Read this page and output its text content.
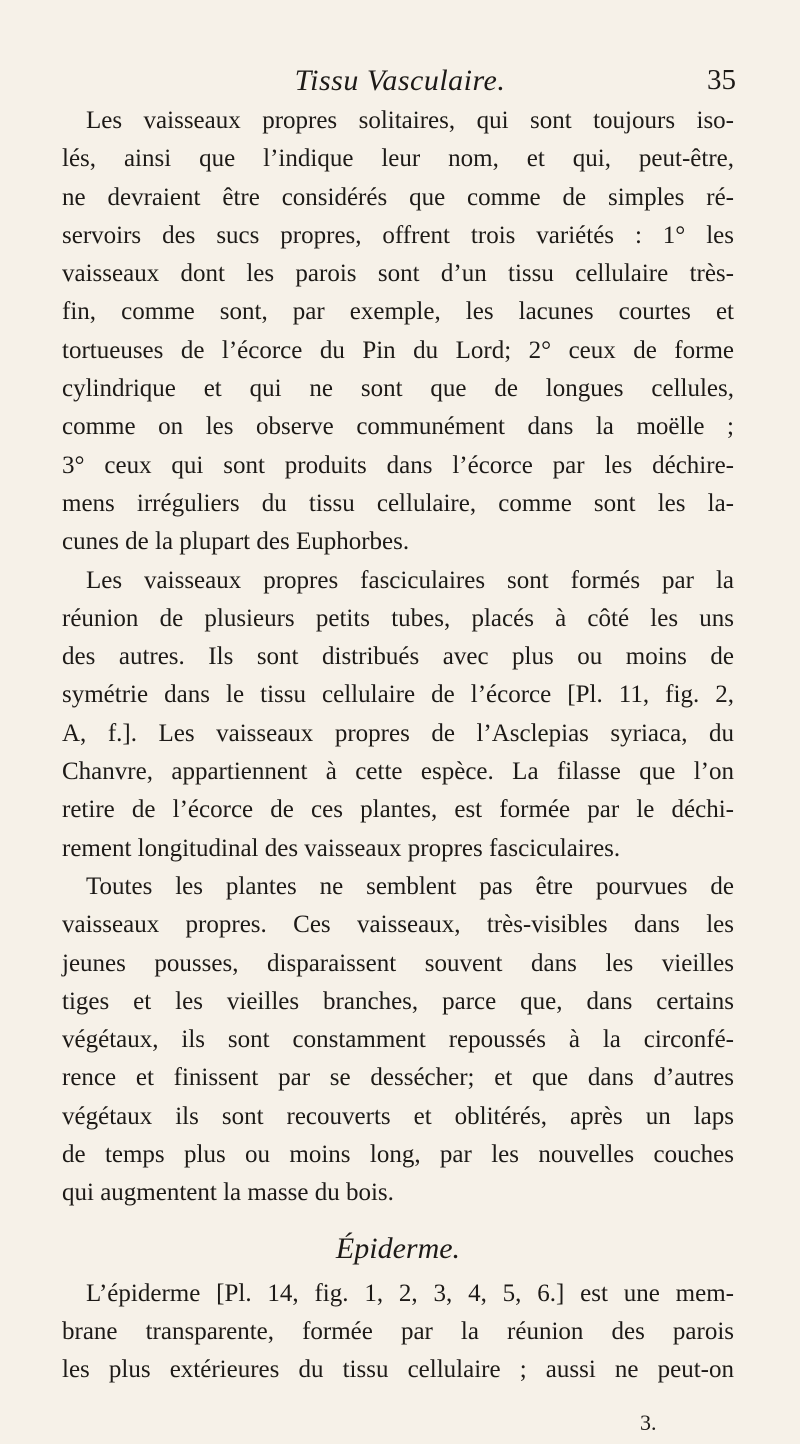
Tissu Vasculaire.	35
Les vaisseaux propres solitaires, qui sont toujours iso-
lés, ainsi que l’indique leur nom, et qui, peut-être,
ne devraient être considérés que comme de simples ré-
servoirs des sucs propres, offrent trois variétés : 1° les
vaisseaux dont les parois sont d’un tissu cellulaire très-
fin, comme sont, par exemple, les lacunes courtes et
tortueuses de l’écorce du Pin du Lord; 2° ceux de forme
cylindrique et qui ne sont que de longues cellules,
comme on les observe communément dans la moëlle ;
3° ceux qui sont produits dans l’écorce par les déchire-
mens irréguliers du tissu cellulaire, comme sont les la-
cunes de la plupart des Euphorbes.
Les vaisseaux propres fasciculaires sont formés par la
réunion de plusieurs petits tubes, placés à côté les uns
des autres. Ils sont distribués avec plus ou moins de
symétrie dans le tissu cellulaire de l’écorce [Pl. 11, fig. 2,
A, f.]. Les vaisseaux propres de l’Asclepias syriaca, du
Chanvre, appartiennent à cette espèce. La filasse que l’on
retire de l’écorce de ces plantes, est formée par le déchi-
rement longitudinal des vaisseaux propres fasciculaires.
Toutes les plantes ne semblent pas être pourvues de
vaisseaux propres. Ces vaisseaux, très-visibles dans les
jeunes pousses, disparaissent souvent dans les vieilles
tiges et les vieilles branches, parce que, dans certains
végétaux, ils sont constamment repoussés à la circonfé-
rence et finissent par se dessécher; et que dans d’autres
végétaux ils sont recouverts et oblitérés, après un laps
de temps plus ou moins long, par les nouvelles couches
qui augmentent la masse du bois.
Épiderme.
L’épiderme [Pl. 14, fig. 1, 2, 3, 4, 5, 6.] est une mem-
brane transparente, formée par la réunion des parois
les plus extérieures du tissu cellulaire ; aussi ne peut-on
3.
